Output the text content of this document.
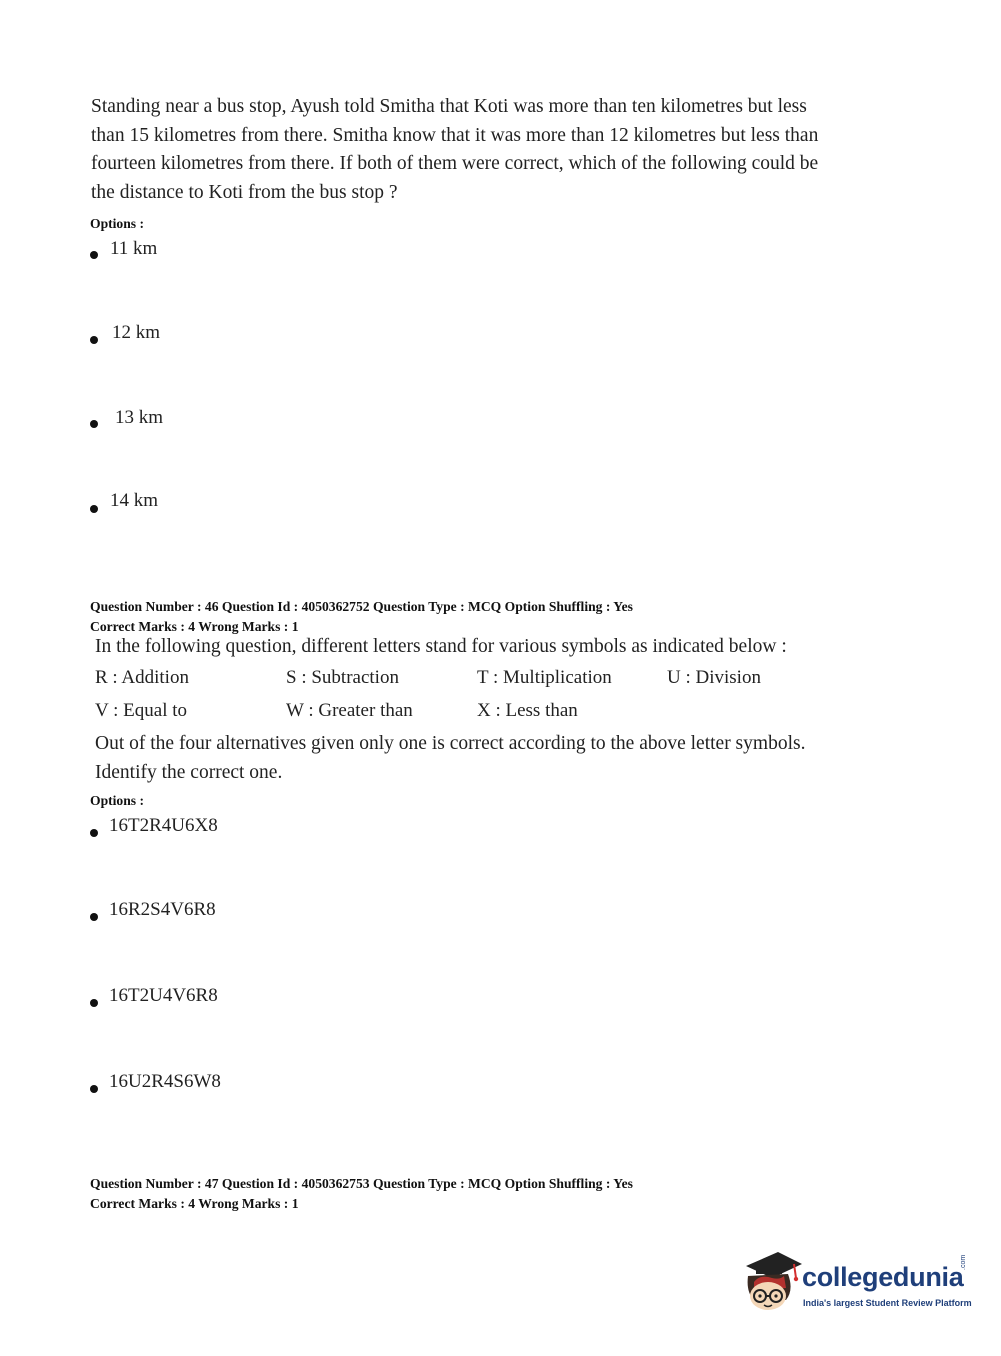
Standing near a bus stop, Ayush told Smitha that Koti was more than ten kilometres but less
than 15 kilometres from there. Smitha know that it was more than 12 kilometres but less than
fourteen kilometres from there. If both of them were correct, which of the following could be
the distance to Koti from the bus stop ?
Options :
11 km
12 km
13 km
14 km
Question Number : 46 Question Id : 4050362752 Question Type : MCQ Option Shuffling : Yes
Correct Marks : 4 Wrong Marks : 1
In the following question, different letters stand for various symbols as indicated below :
R : Addition	S : Subtraction	T : Multiplication	U : Division
V : Equal to	W : Greater than	X : Less than
Out of the four alternatives given only one is correct according to the above letter symbols.
Identify the correct one.
Options :
16T2R4U6X8
16R2S4V6R8
16T2U4V6R8
16U2R4S6W8
Question Number : 47 Question Id : 4050362753 Question Type : MCQ Option Shuffling : Yes
Correct Marks : 4 Wrong Marks : 1
collegedunia
.com
India's largest Student Review Platform
